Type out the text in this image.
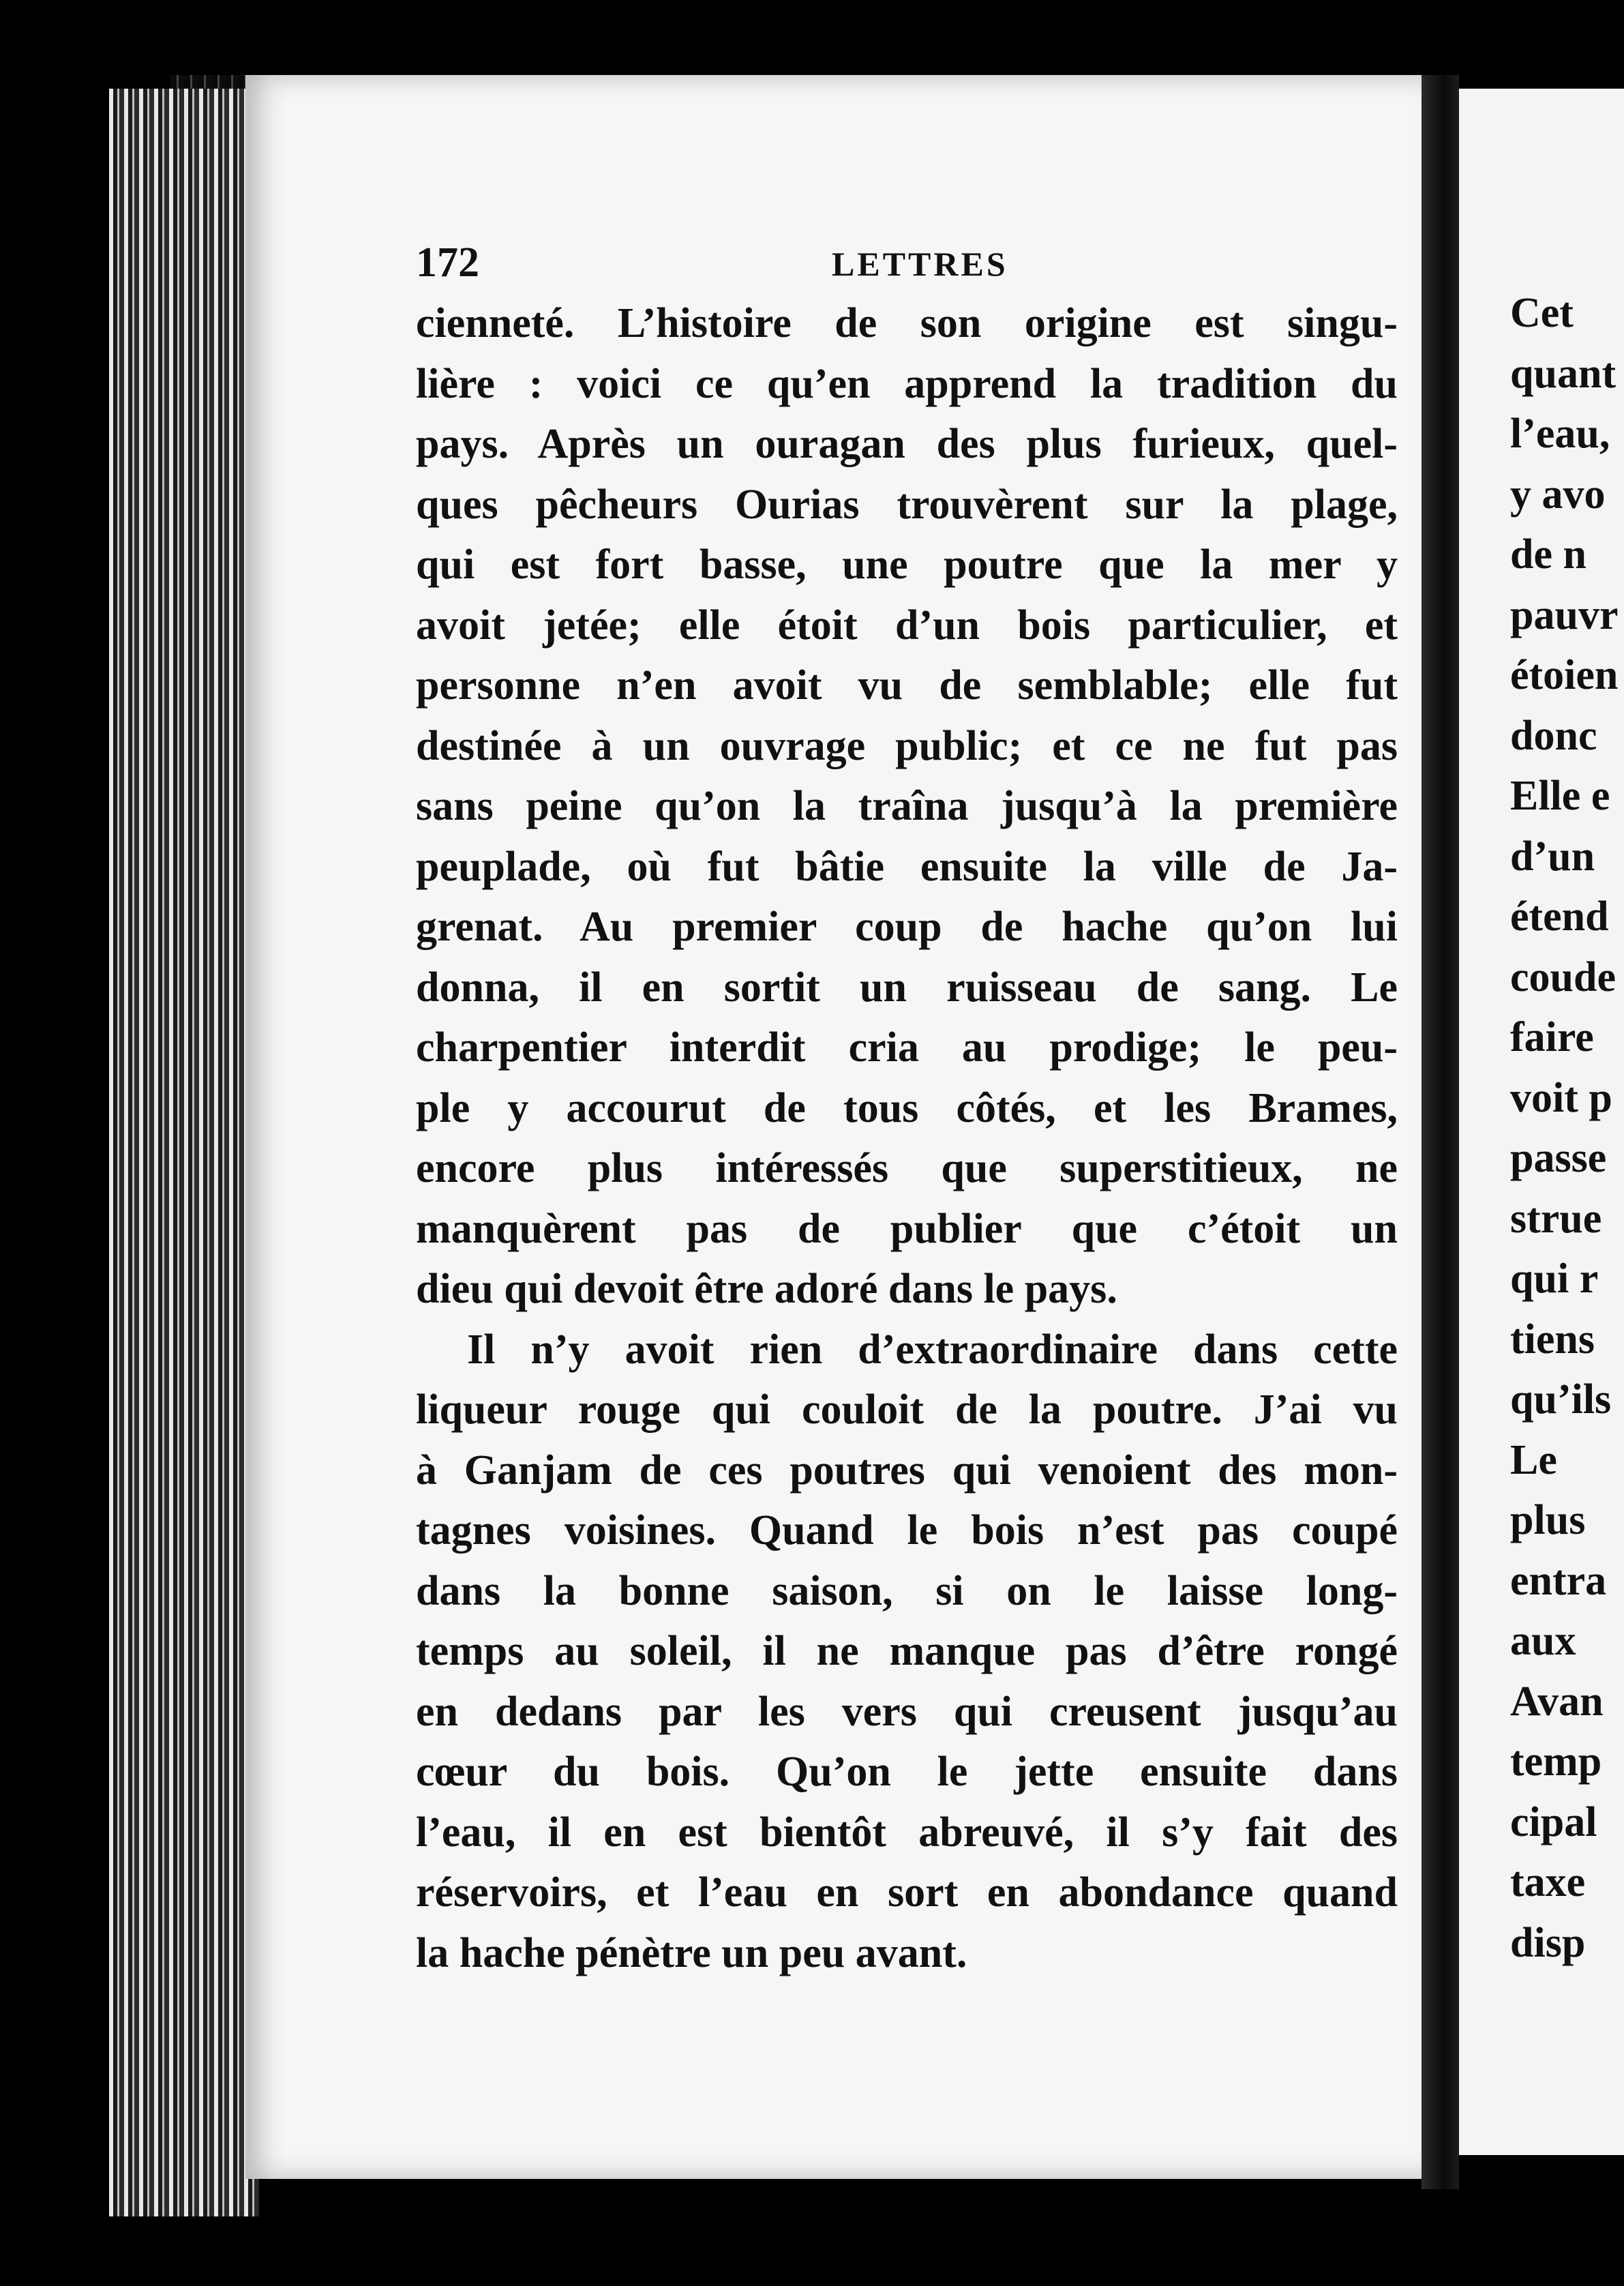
172	LETTRES
cienneté. L’histoire de son origine est singu-
lière : voici ce qu’en apprend la tradition du
pays. Après un ouragan des plus furieux, quel-
ques pêcheurs Ourias trouvèrent sur la plage,
qui est fort basse, une poutre que la mer y
avoit jetée; elle étoit d’un bois particulier, et
personne n’en avoit vu de semblable; elle fut
destinée à un ouvrage public; et ce ne fut pas
sans peine qu’on la traîna jusqu’à la première
peuplade, où fut bâtie ensuite la ville de Ja-
grenat. Au premier coup de hache qu’on lui
donna, il en sortit un ruisseau de sang. Le
charpentier interdit cria au prodige; le peu-
ple y accourut de tous côtés, et les Brames,
encore plus intéressés que superstitieux, ne
manquèrent pas de publier que c’étoit un
dieu qui devoit être adoré dans le pays.
Il n’y avoit rien d’extraordinaire dans cette
liqueur rouge qui couloit de la poutre. J’ai vu
à Ganjam de ces poutres qui venoient des mon-
tagnes voisines. Quand le bois n’est pas coupé
dans la bonne saison, si on le laisse long-
temps au soleil, il ne manque pas d’être rongé
en dedans par les vers qui creusent jusqu’au
cœur du bois. Qu’on le jette ensuite dans
l’eau, il en est bientôt abreuvé, il s’y fait des
réservoirs, et l’eau en sort en abondance quand
la hache pénètre un peu avant.
Cet
quant
l’eau,
y avo
de n
pauvr
étoien
donc
Elle e
d’un
étend
coude
faire
voit p
passe
strue
qui r
tiens
qu’ils
Le
plus
entra
aux
Avan
temp
cipal
taxe
disp
